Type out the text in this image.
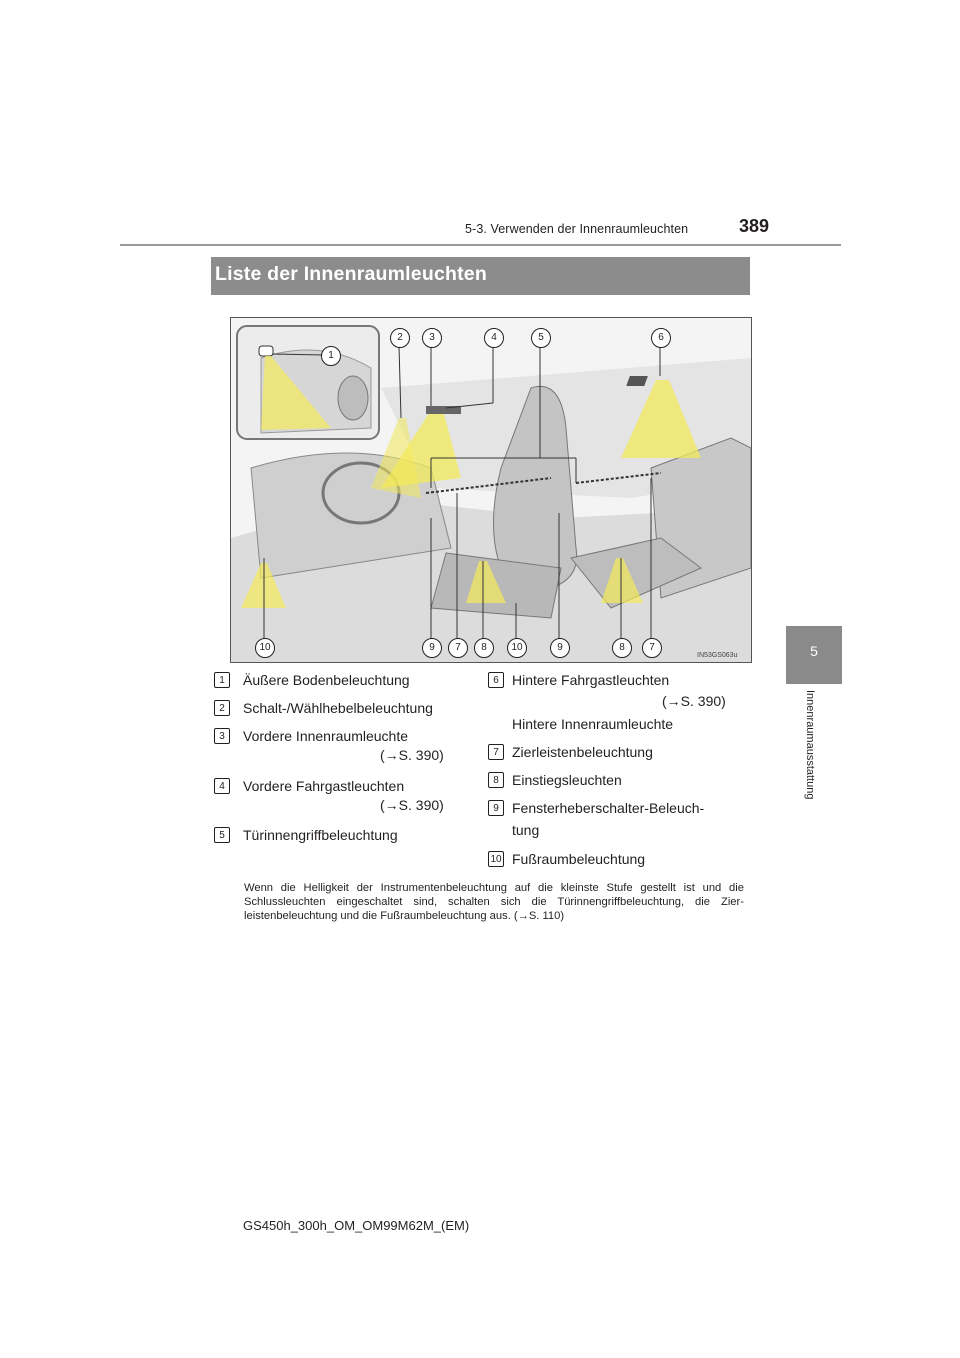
5-3. Verwenden der Innenraumleuchten	389
5
Innenraumausstattung
Liste der Innenraumleuchten
IN53GS063u
2	3	4	5	6
1
10	9	7	8	10	9	8	7
Wenn die Helligkeit der Instrumentenbeleuchtung auf die kleinste Stufe gestellt ist und die Schlussleuchten eingeschaltet sind, schalten sich die Türinnengriffbeleuchtung, die Zier-leistenbeleuchtung und die Fußraumbeleuchtung aus. (→S. 110)
GS450h_300h_OM_OM99M62M_(EM)
1	Äußere Bodenbeleuchtung
2	Schalt-/Wählhebelbeleuchtung
3	Vordere Innenraumleuchte
(→S. 390)
4	Vordere Fahrgastleuchten
(→S. 390)
5	Türinnengriffbeleuchtung
6 Hintere Fahrgastleuchten
(→S. 390)
Hintere Innenraumleuchte
7 Zierleistenbeleuchtung
8 Einstiegsleuchten
9 Fensterheberschalter-Beleuch-
tung
10 Fußraumbeleuchtung
